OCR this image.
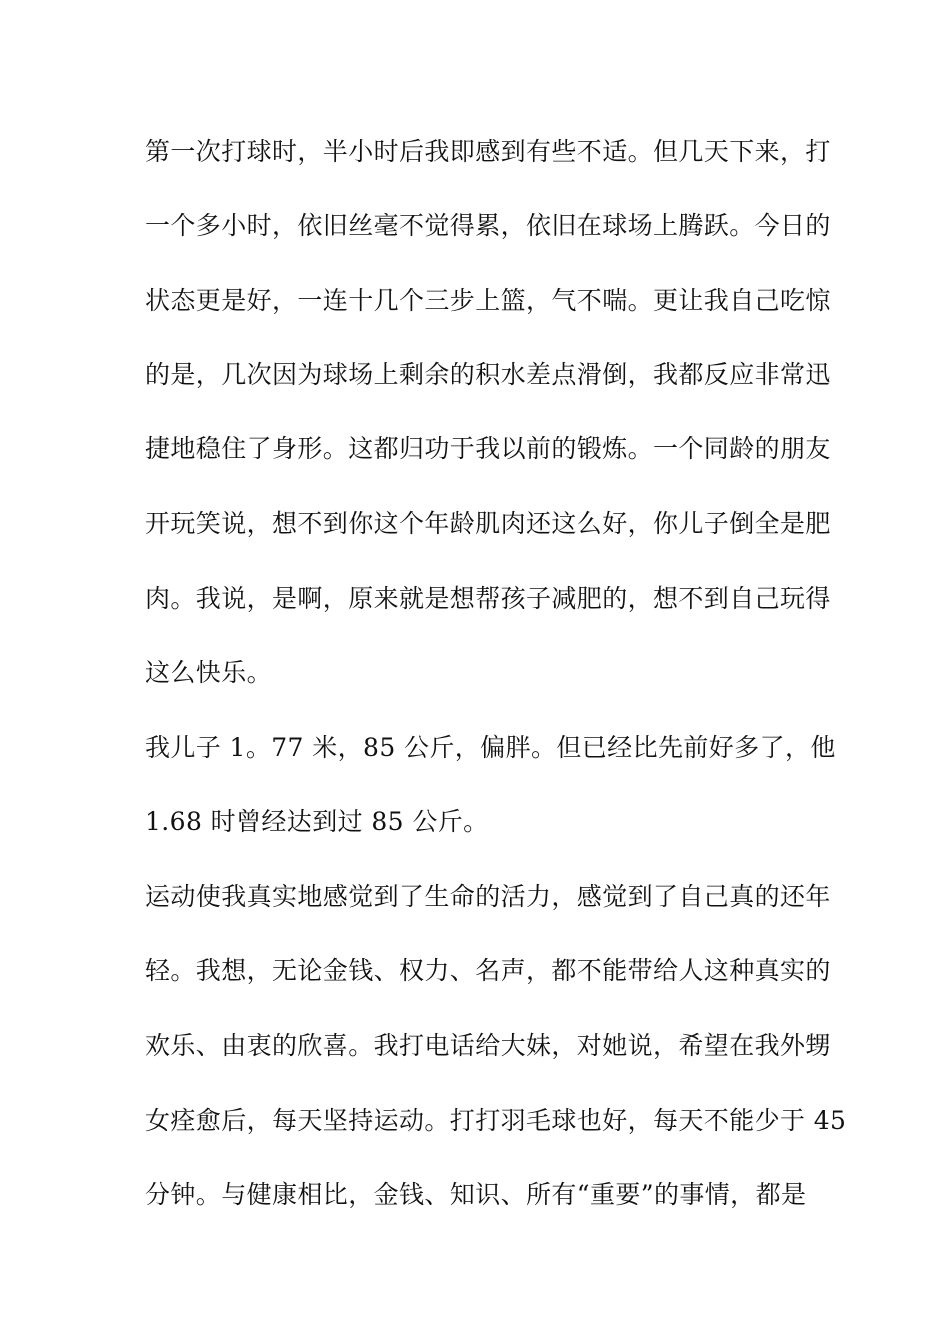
第一次打球时，半小时后我即感到有些不适。但几天下来，打
一个多小时，依旧丝毫不觉得累，依旧在球场上腾跃。今日的
状态更是好，一连十几个三步上篮，气不喘。更让我自己吃惊
的是，几次因为球场上剩余的积水差点滑倒，我都反应非常迅
捷地稳住了身形。这都归功于我以前的锻炼。一个同龄的朋友
开玩笑说，想不到你这个年龄肌肉还这么好，你儿子倒全是肥
肉。我说，是啊，原来就是想帮孩子减肥的，想不到自己玩得
这么快乐。
我儿子 1。77 米，85 公斤，偏胖。但已经比先前好多了，他
1.68 时曾经达到过 85 公斤。
运动使我真实地感觉到了生命的活力，感觉到了自己真的还年
轻。我想，无论金钱、权力、名声，都不能带给人这种真实的
欢乐、由衷的欣喜。我打电话给大妹，对她说，希望在我外甥
女痊愈后，每天坚持运动。打打羽毛球也好，每天不能少于 45
分钟。与健康相比，金钱、知识、所有“重要”的事情，都是
